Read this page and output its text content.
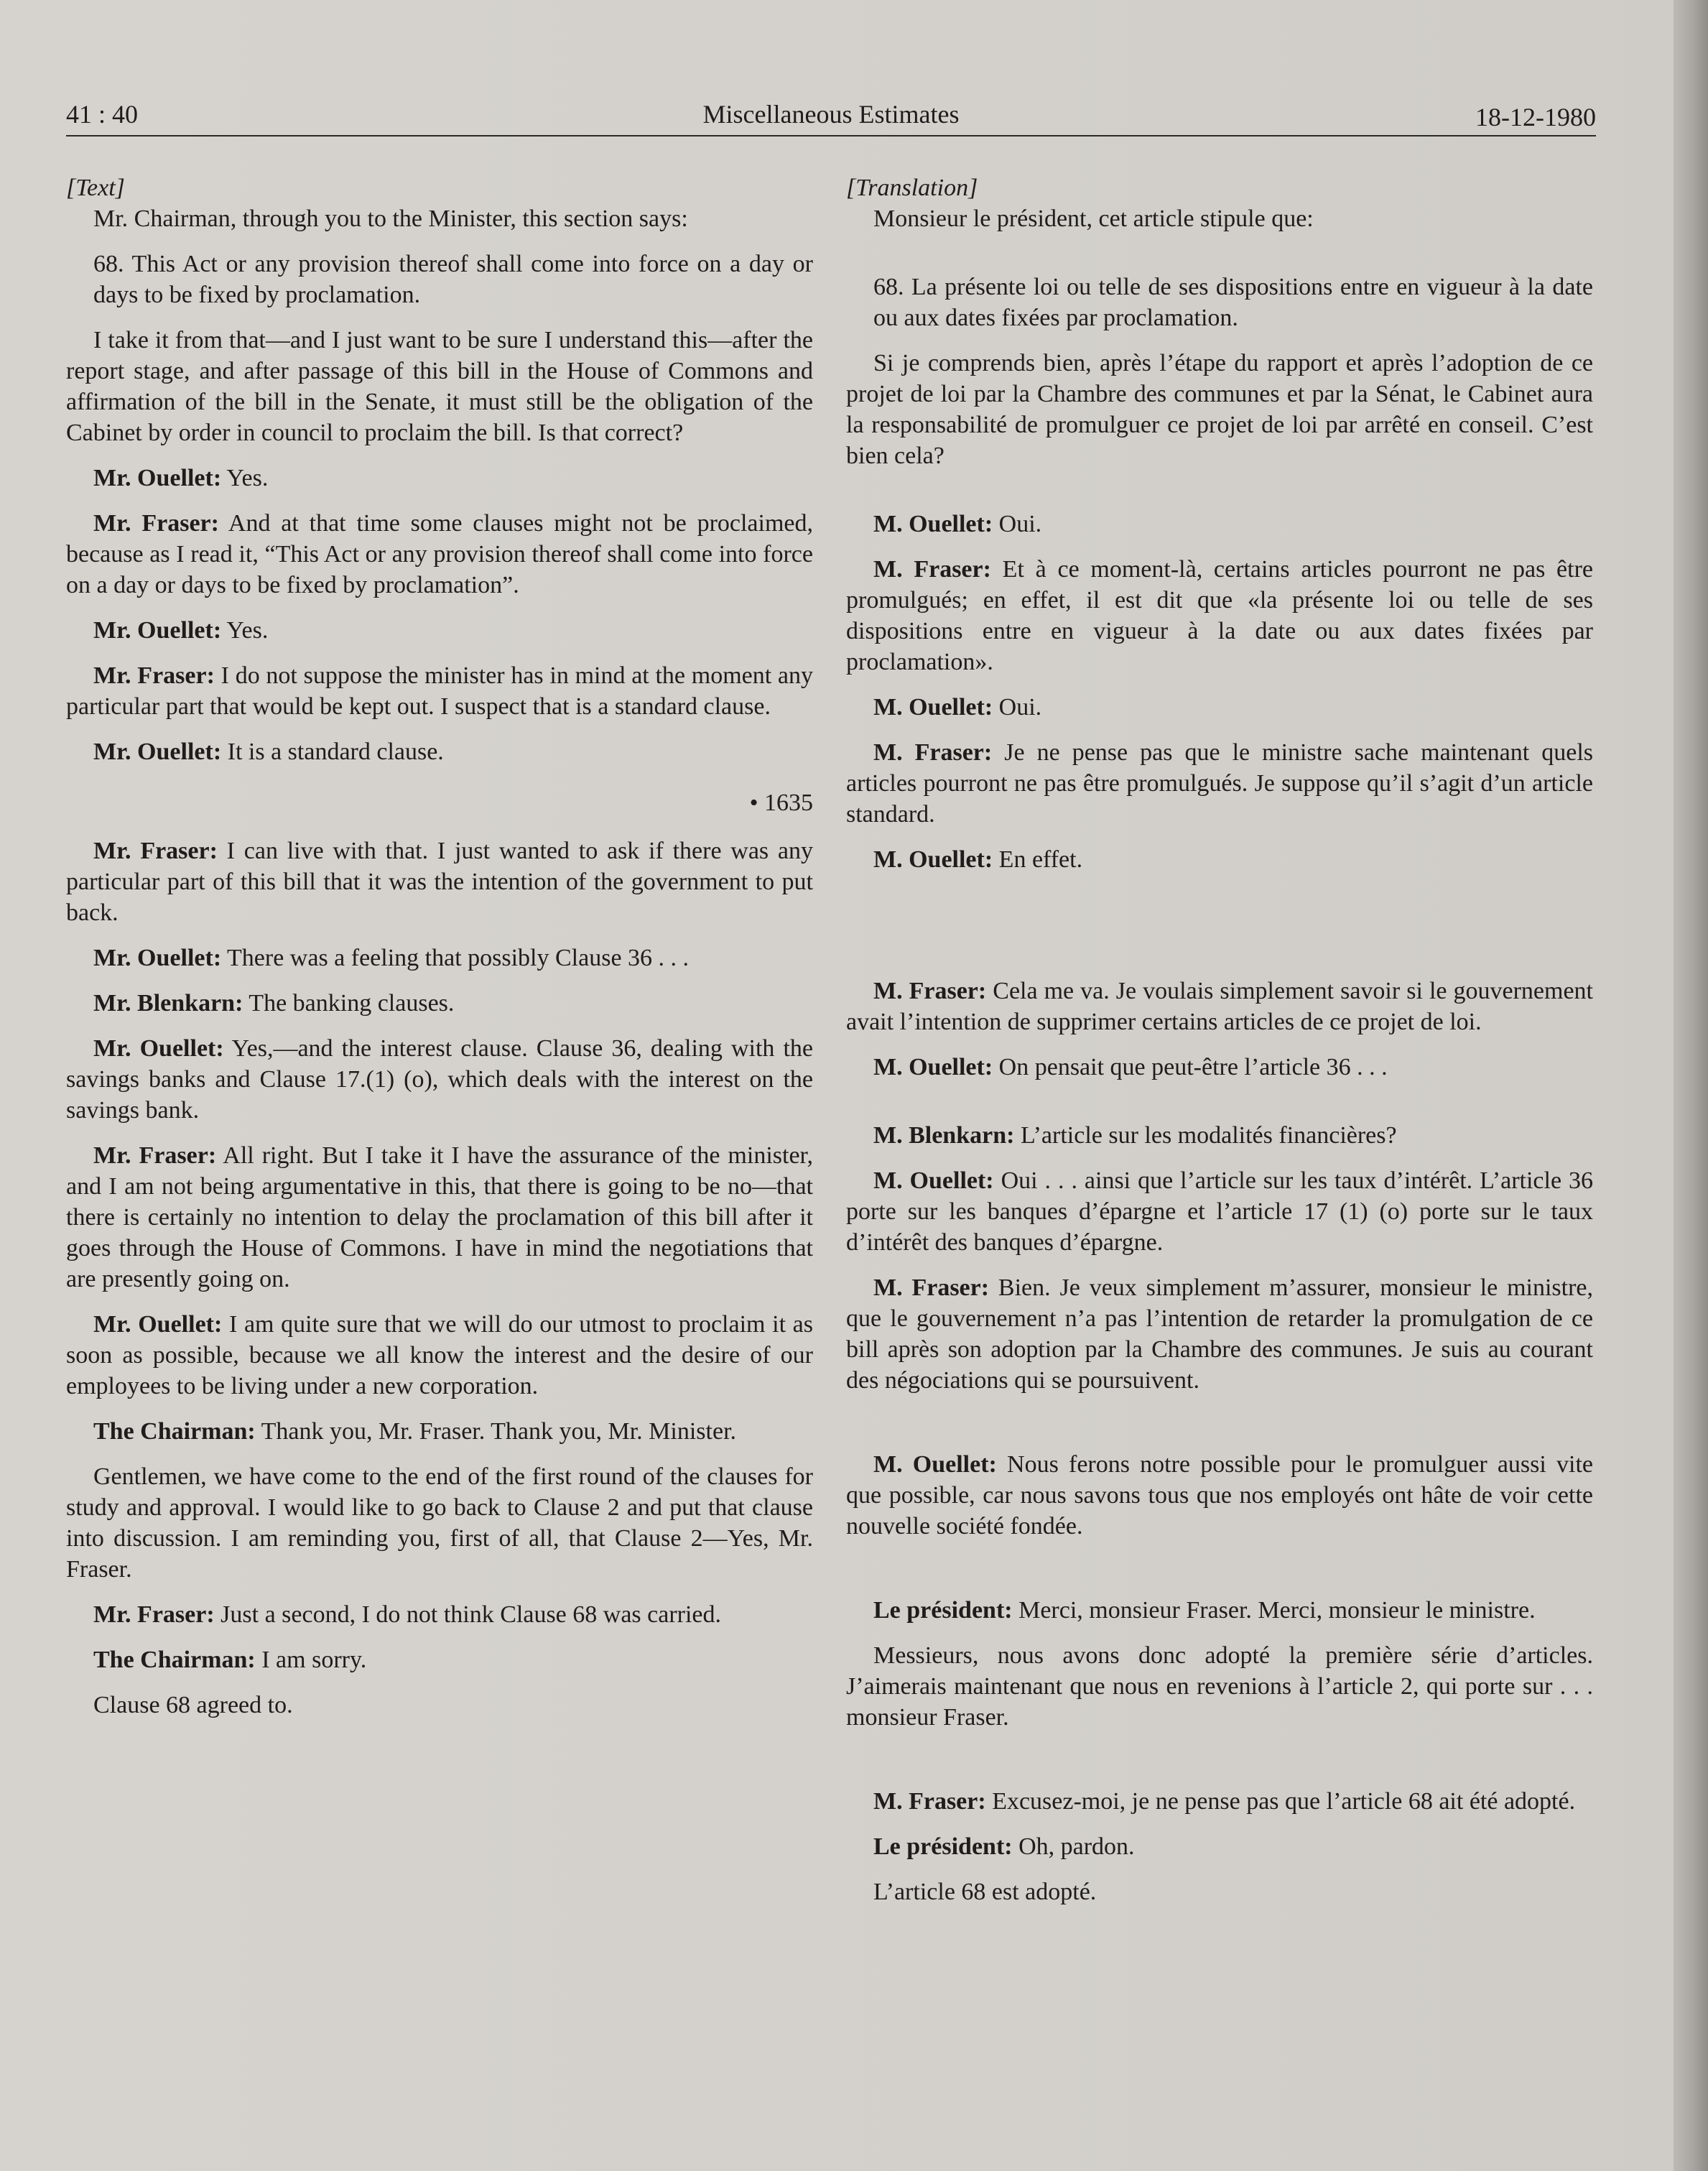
41 : 40	Miscellaneous Estimates	18-12-1980

[Text]

Mr. Chairman, through you to the Minister, this section says:

68. This Act or any provision thereof shall come into force on a day or days to be fixed by proclamation.

I take it from that—and I just want to be sure I understand this—after the report stage, and after passage of this bill in the House of Commons and affirmation of the bill in the Senate, it must still be the obligation of the Cabinet by order in council to proclaim the bill. Is that correct?

Mr. Ouellet: Yes.

Mr. Fraser: And at that time some clauses might not be proclaimed, because as I read it, “This Act or any provision thereof shall come into force on a day or days to be fixed by proclamation”.

Mr. Ouellet: Yes.

Mr. Fraser: I do not suppose the minister has in mind at the moment any particular part that would be kept out. I suspect that is a standard clause.

Mr. Ouellet: It is a standard clause.

• 1635

Mr. Fraser: I can live with that. I just wanted to ask if there was any particular part of this bill that it was the intention of the government to put back.

Mr. Ouellet: There was a feeling that possibly Clause 36 . . .

Mr. Blenkarn: The banking clauses.

Mr. Ouellet: Yes,—and the interest clause. Clause 36, dealing with the savings banks and Clause 17.(1) (o), which deals with the interest on the savings bank.

Mr. Fraser: All right. But I take it I have the assurance of the minister, and I am not being argumentative in this, that there is going to be no—that there is certainly no intention to delay the proclamation of this bill after it goes through the House of Commons. I have in mind the negotiations that are presently going on.

Mr. Ouellet: I am quite sure that we will do our utmost to proclaim it as soon as possible, because we all know the interest and the desire of our employees to be living under a new corporation.

The Chairman: Thank you, Mr. Fraser. Thank you, Mr. Minister.

Gentlemen, we have come to the end of the first round of the clauses for study and approval. I would like to go back to Clause 2 and put that clause into discussion. I am reminding you, first of all, that Clause 2—Yes, Mr. Fraser.

Mr. Fraser: Just a second, I do not think Clause 68 was carried.

The Chairman: I am sorry.

Clause 68 agreed to.

[Translation]

Monsieur le président, cet article stipule que:

68. La présente loi ou telle de ses dispositions entre en vigueur à la date ou aux dates fixées par proclamation.

Si je comprends bien, après l’étape du rapport et après l’adoption de ce projet de loi par la Chambre des communes et par la Sénat, le Cabinet aura la responsabilité de promulguer ce projet de loi par arrêté en conseil. C’est bien cela?

M. Ouellet: Oui.

M. Fraser: Et à ce moment-là, certains articles pourront ne pas être promulgués; en effet, il est dit que «la présente loi ou telle de ses dispositions entre en vigueur à la date ou aux dates fixées par proclamation».

M. Ouellet: Oui.

M. Fraser: Je ne pense pas que le ministre sache maintenant quels articles pourront ne pas être promulgués. Je suppose qu’il s’agit d’un article standard.

M. Ouellet: En effet.

M. Fraser: Cela me va. Je voulais simplement savoir si le gouvernement avait l’intention de supprimer certains articles de ce projet de loi.

M. Ouellet: On pensait que peut-être l’article 36 . . .

M. Blenkarn: L’article sur les modalités financières?

M. Ouellet: Oui . . . ainsi que l’article sur les taux d’intérêt. L’article 36 porte sur les banques d’épargne et l’article 17 (1) (o) porte sur le taux d’intérêt des banques d’épargne.

M. Fraser: Bien. Je veux simplement m’assurer, monsieur le ministre, que le gouvernement n’a pas l’intention de retarder la promulgation de ce bill après son adoption par la Chambre des communes. Je suis au courant des négociations qui se poursuivent.

M. Ouellet: Nous ferons notre possible pour le promulguer aussi vite que possible, car nous savons tous que nos employés ont hâte de voir cette nouvelle société fondée.

Le président: Merci, monsieur Fraser. Merci, monsieur le ministre.

Messieurs, nous avons donc adopté la première série d’articles. J’aimerais maintenant que nous en revenions à l’article 2, qui porte sur . . . monsieur Fraser.

M. Fraser: Excusez-moi, je ne pense pas que l’article 68 ait été adopté.

Le président: Oh, pardon.

L’article 68 est adopté.
